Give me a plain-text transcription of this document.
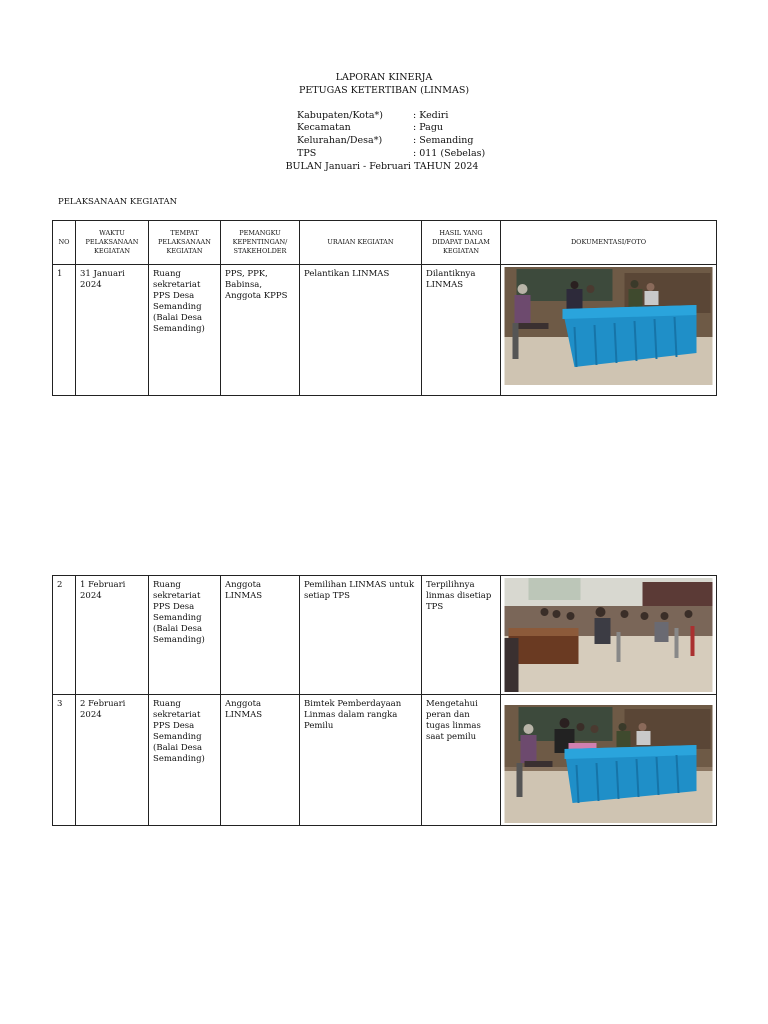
LAPORAN KINERJA
PETUGAS KETERTIBAN (LINMAS)
Kabupaten/Kota*)	: Kediri
Kecamatan	: Pagu
Kelurahan/Desa*)	: Semanding
TPS	: 011 (Sebelas)
BULAN Januari - Februari TAHUN 2024
PELAKSANAAN KEGIATAN
NO	WAKTU PELAKSANAAN KEGIATAN	TEMPAT PELAKSANAAN KEGIATAN	PEMANGKU KEPENTINGAN/ STAKEHOLDER	URAIAN KEGIATAN	HASIL YANG DIDAPAT DALAM KEGIATAN	DOKUMENTASI/FOTO
1	31 Januari 2024	Ruang sekretariat PPS Desa Semanding (Balai Desa Semanding)	PPS, PPK, Babinsa, Anggota KPPS	Pelantikan LINMAS	Dilantiknya LINMAS	
2	1 Februari 2024	Ruang sekretariat PPS Desa Semanding (Balai Desa Semanding)	Anggota LINMAS	Pemilihan LINMAS untuk setiap TPS	Terpilihnya linmas disetiap TPS	

3	2 Februari 2024	Ruang sekretariat PPS Desa Semanding (Balai Desa Semanding)	Anggota LINMAS	Bimtek Pemberdayaan Linmas dalam rangka Pemilu	Mengetahui peran dan tugas linmas saat pemilu	
